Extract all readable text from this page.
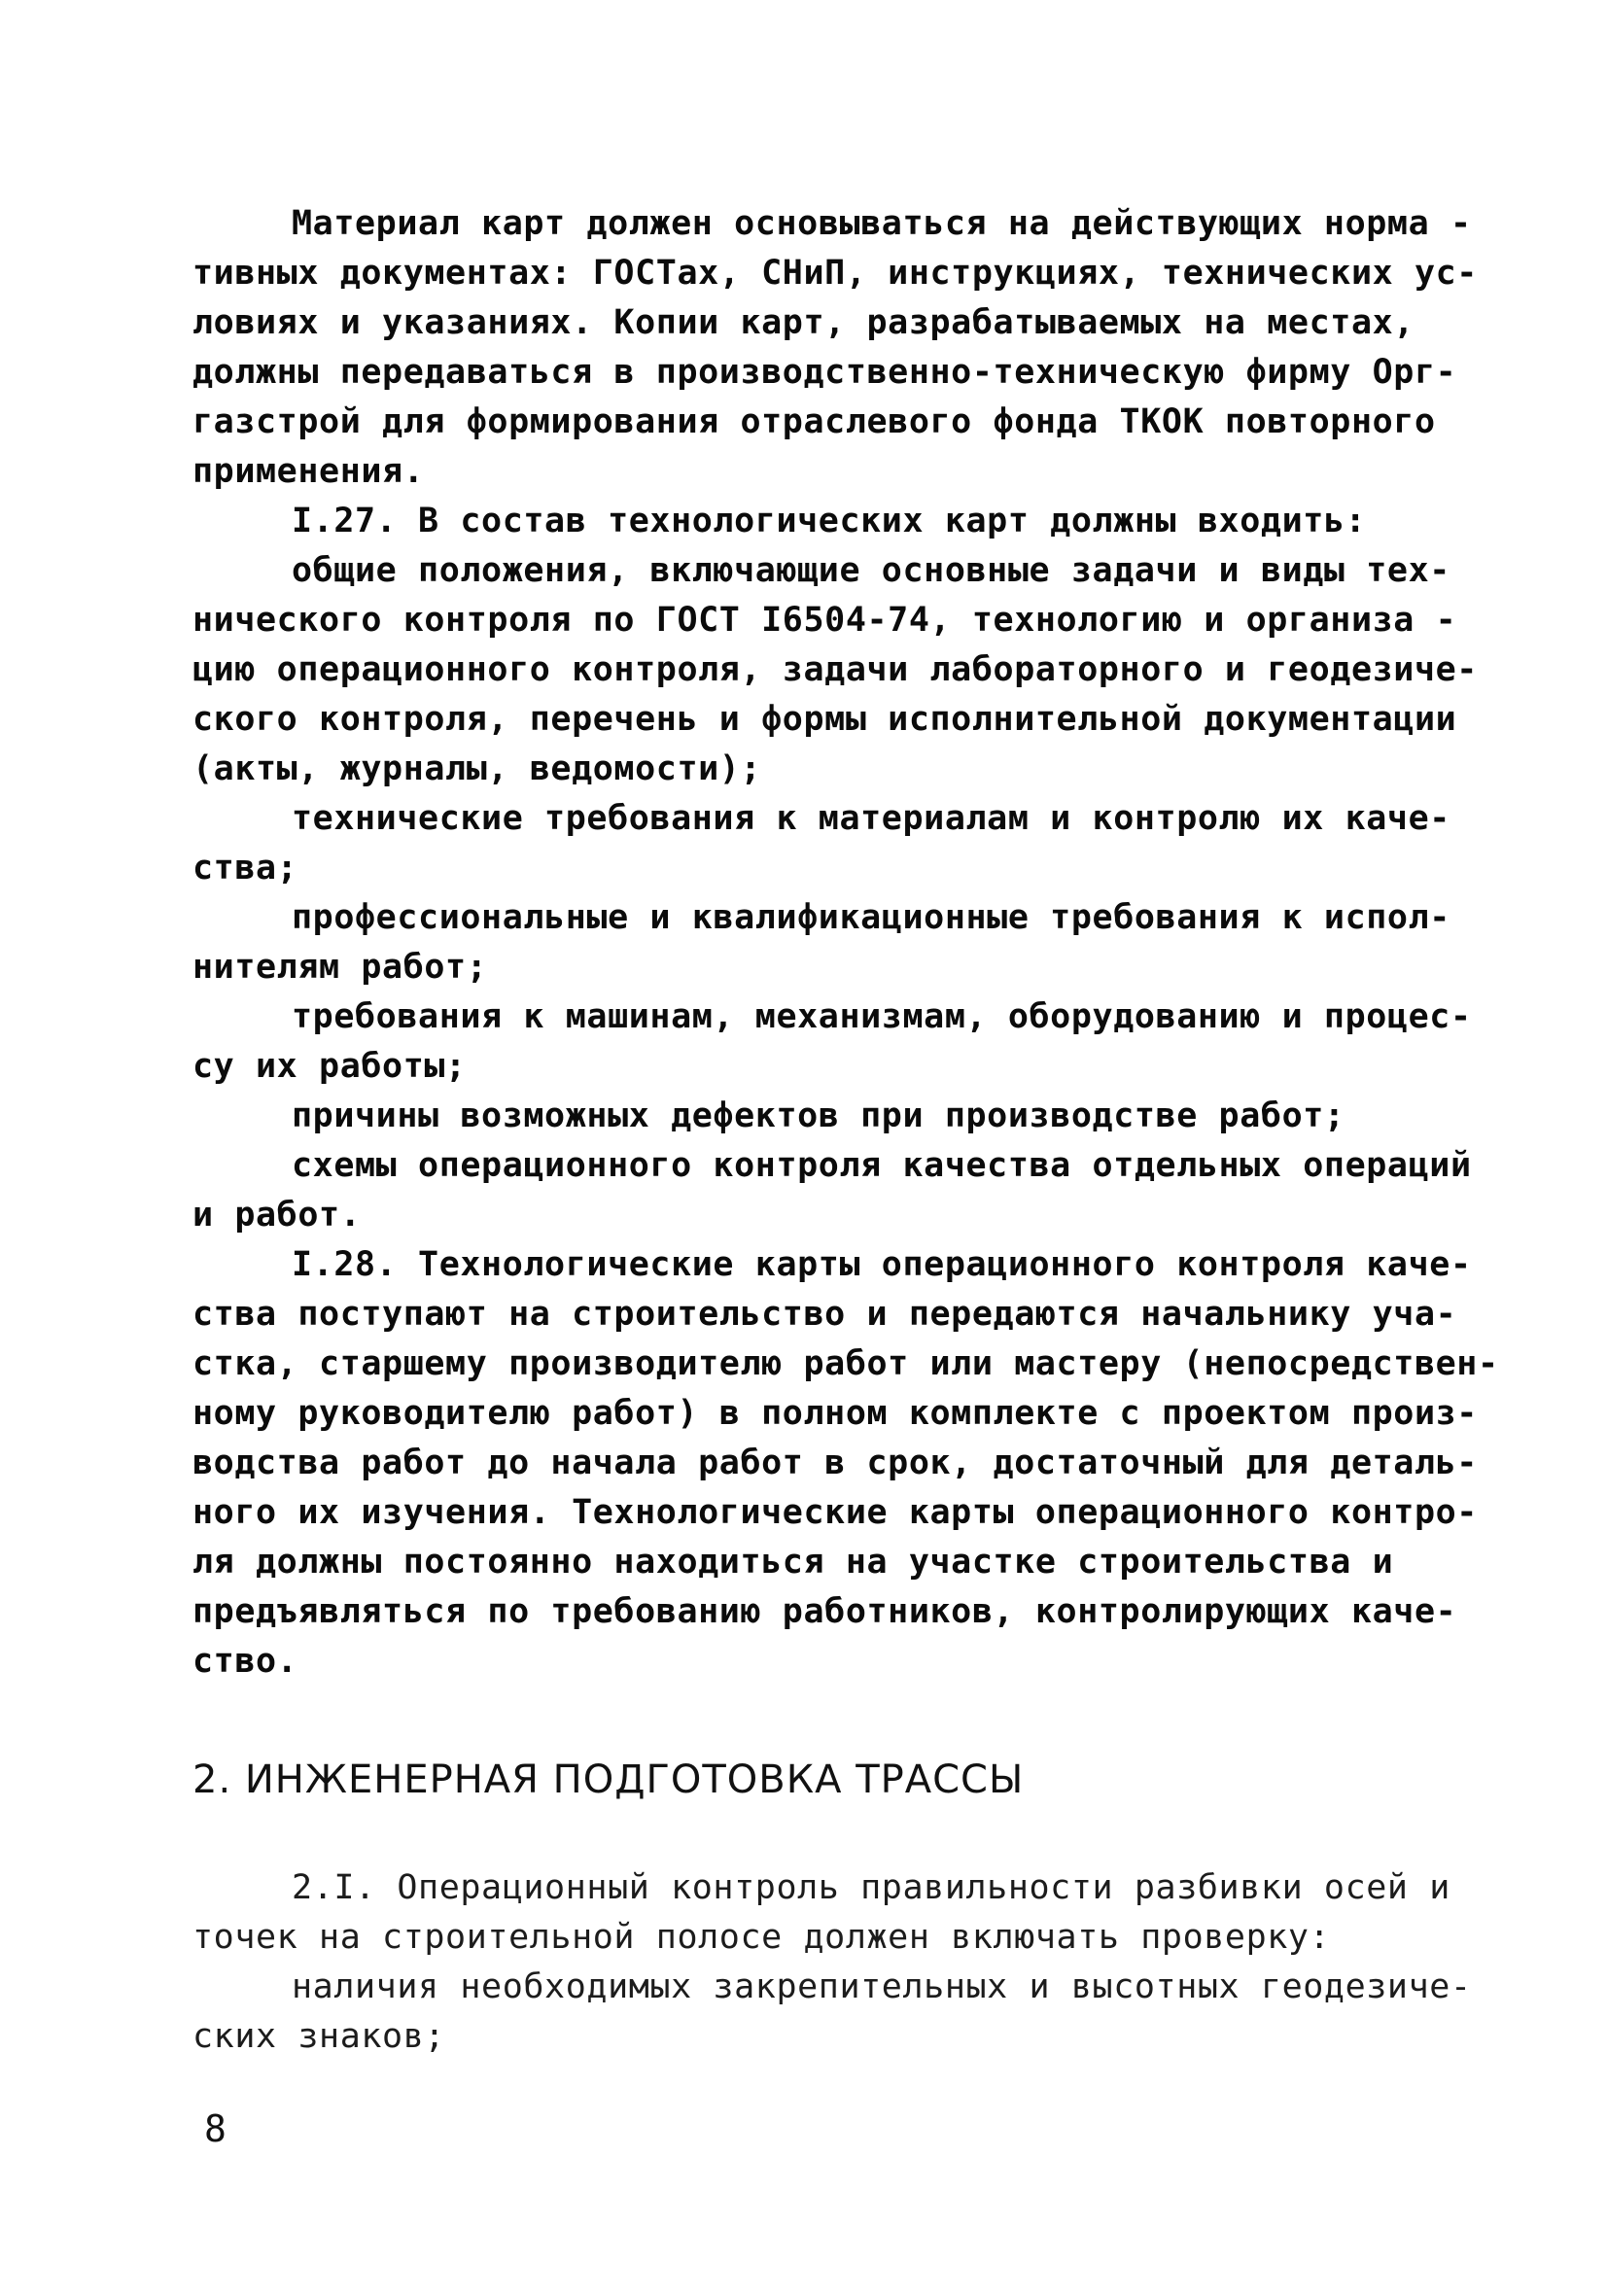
Материал карт должен основываться на действующих норма -
тивных документах: ГОСТах, СНиП, инструкциях, технических ус-
ловиях и указаниях. Копии карт, разрабатываемых на местах,
должны передаваться в производственно-техническую фирму Орг-
газстрой для формирования отраслевого фонда ТКОК повторного
применения.
I.27. В состав технологических карт должны входить:
общие положения, включающие основные задачи и виды тех-
нического контроля по ГОСТ I6504-74, технологию и организа -
цию операционного контроля, задачи лабораторного и геодезиче-
ского контроля, перечень и формы исполнительной документации
(акты, журналы, ведомости);
технические требования к материалам и контролю их каче-
ства;
профессиональные и квалификационные требования к испол-
нителям работ;
требования к машинам, механизмам, оборудованию и процес-
су их работы;
причины возможных дефектов при производстве работ;
схемы операционного контроля качества отдельных операций
и работ.
I.28. Технологические карты операционного контроля каче-
ства поступают на строительство и передаются начальнику уча-
стка, старшему производителю работ или мастеру (непосредствен-
ному руководителю работ) в полном комплекте с проектом произ-
водства работ до начала работ в срок, достаточный для деталь-
ного их изучения. Технологические карты операционного контро-
ля должны постоянно находиться на участке строительства и
предъявляться по требованию работников, контролирующих каче-
ство.
2. ИНЖЕНЕРНАЯ ПОДГОТОВКА ТРАССЫ
2.I. Операционный контроль правильности разбивки осей и
точек на строительной полосе должен включать проверку:
наличия необходимых закрепительных и высотных геодезиче-
ских знаков;
8
